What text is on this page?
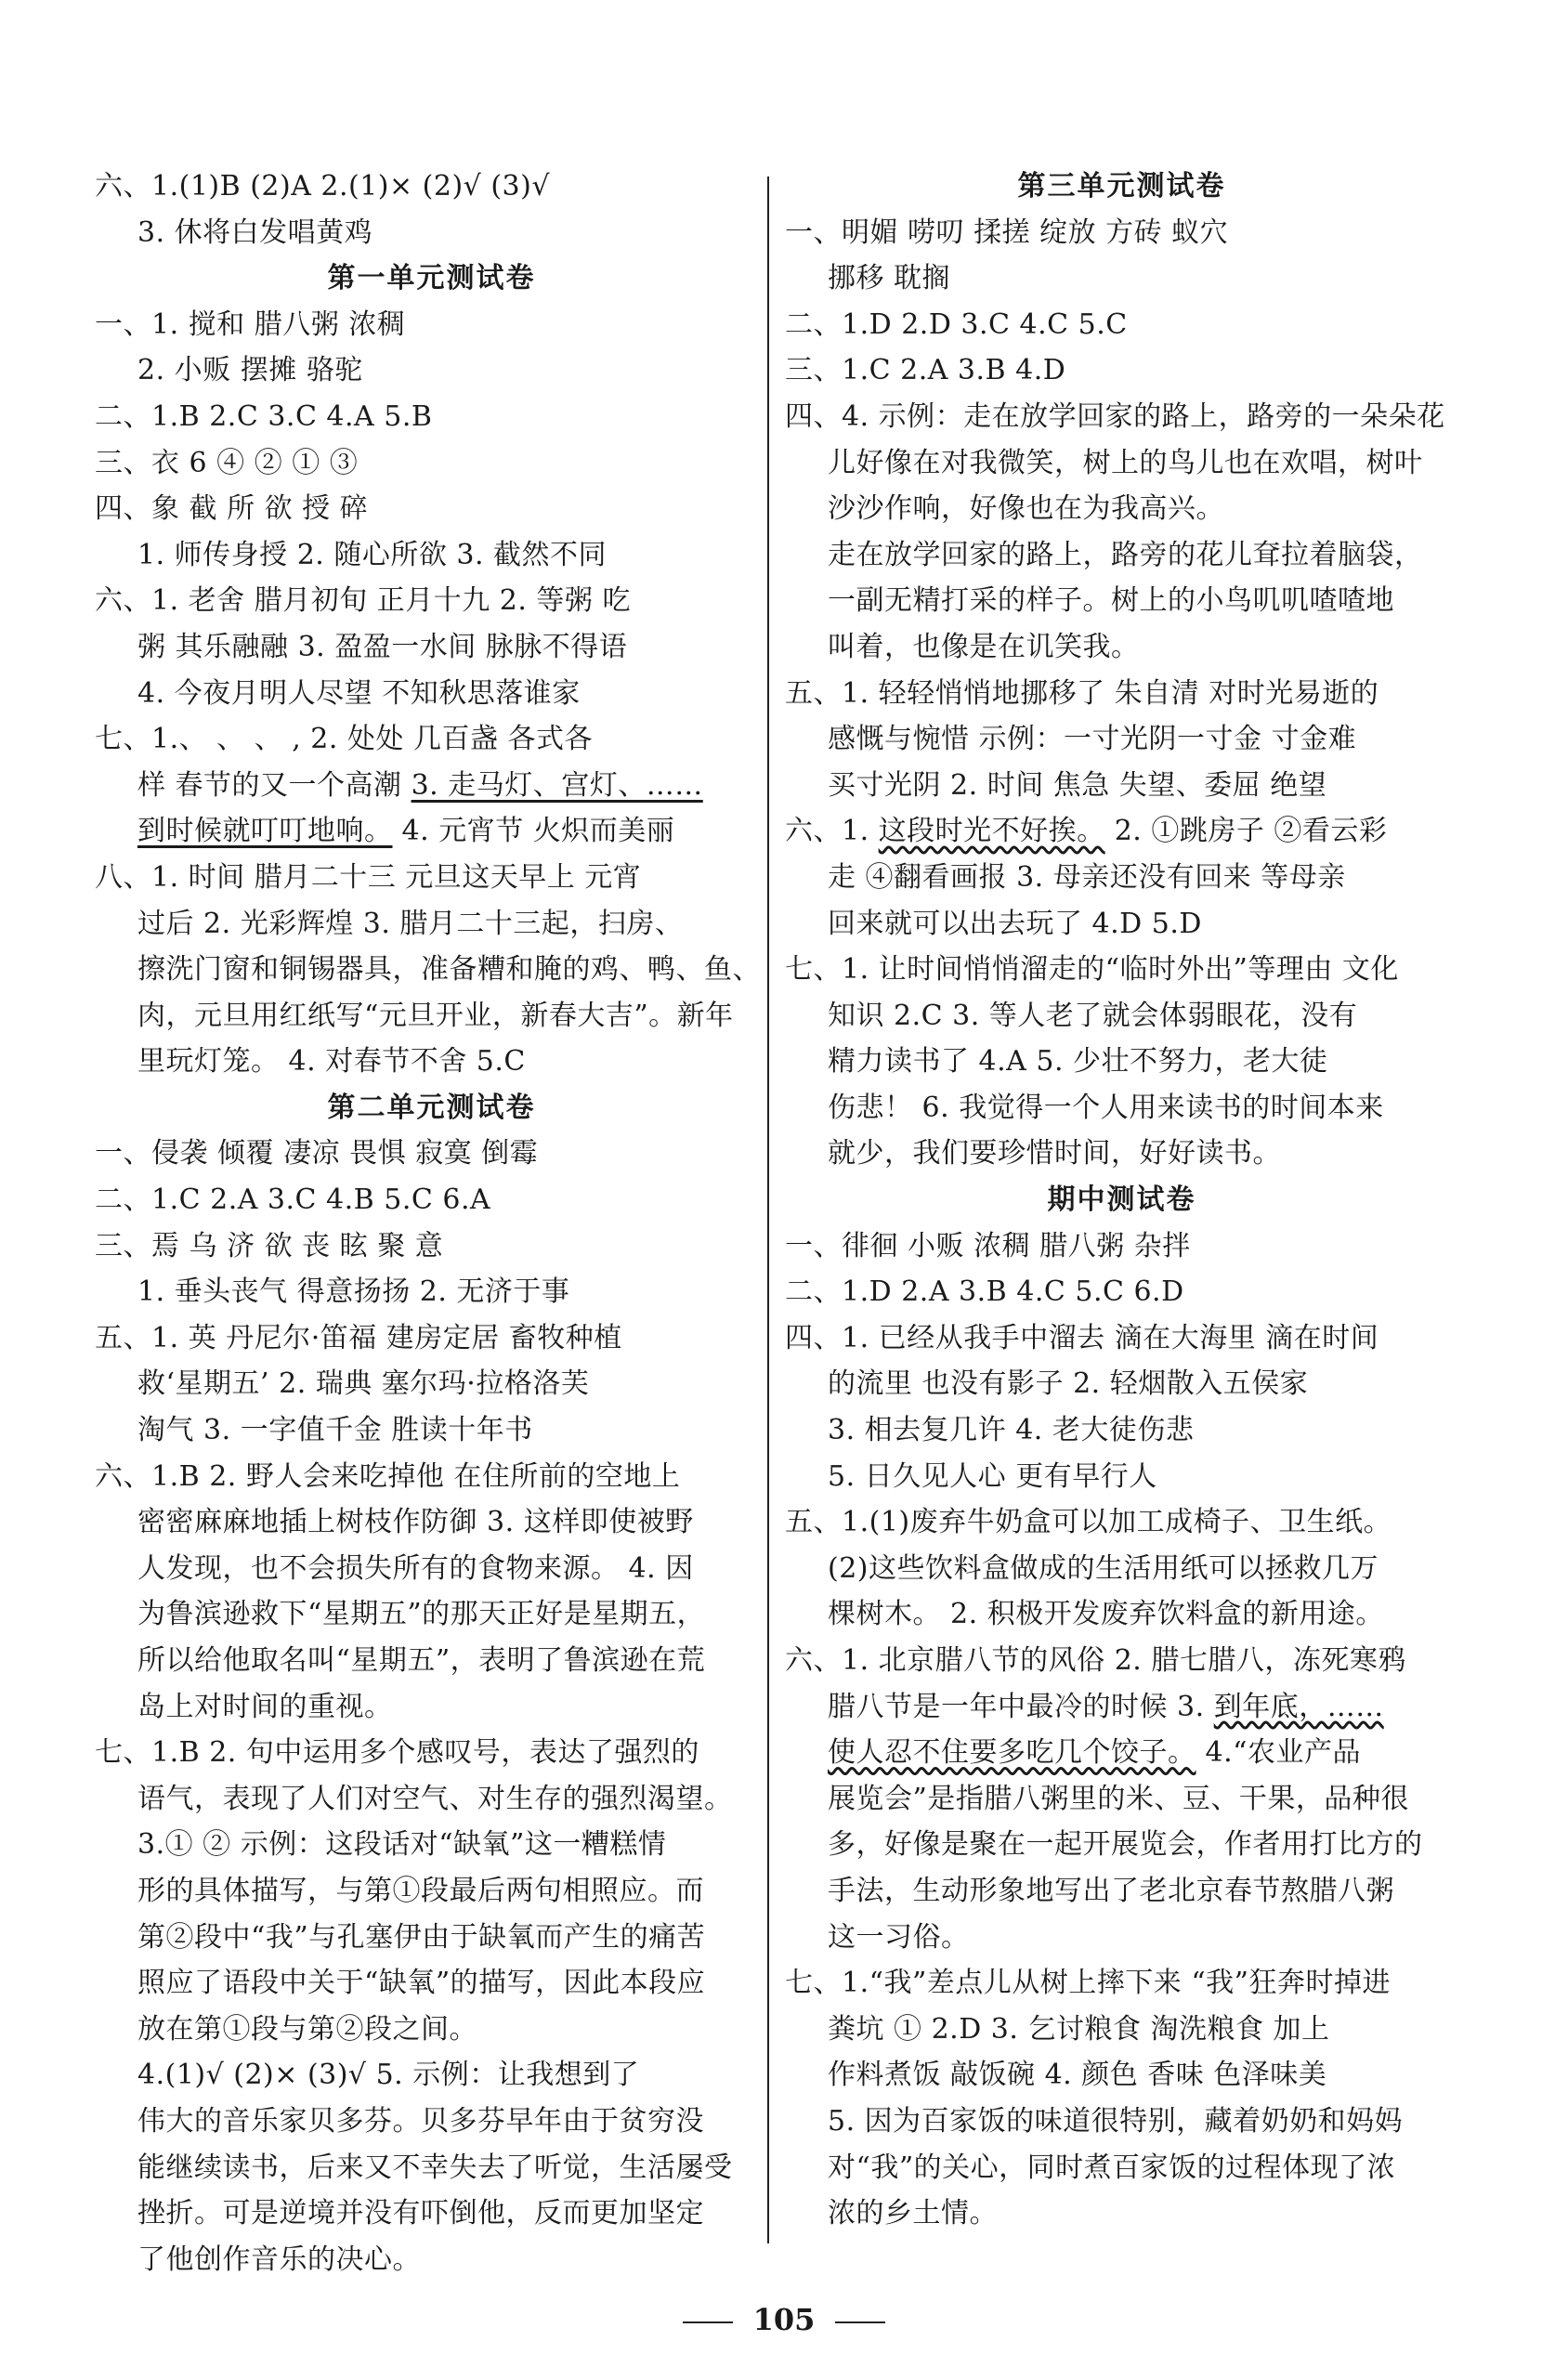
六、1.(1)B (2)A 2.(1)× (2)√ (3)√
3. 休将白发唱黄鸡
第一单元测试卷
一、1. 搅和 腊八粥 浓稠
2. 小贩 摆摊 骆驼
二、1.B 2.C 3.C 4.A 5.B
三、衣 6 ④ ② ① ③
四、象 截 所 欲 授 碎
1. 师传身授 2. 随心所欲 3. 截然不同
六、1. 老舍 腊月初旬 正月十九 2. 等粥 吃
粥 其乐融融 3. 盈盈一水间 脉脉不得语
4. 今夜月明人尽望 不知秋思落谁家
七、1.、 、 、 , 2. 处处 几百盏 各式各
样 春节的又一个高潮 3. 走马灯、宫灯、……
到时候就叮叮地响。 4. 元宵节 火炽而美丽
八、1. 时间 腊月二十三 元旦这天早上 元宵
过后 2. 光彩辉煌 3. 腊月二十三起，扫房、
擦洗门窗和铜锡器具，准备糟和腌的鸡、鸭、鱼、
肉，元旦用红纸写“元旦开业，新春大吉”。新年
里玩灯笼。 4. 对春节不舍 5.C
第二单元测试卷
一、侵袭 倾覆 凄凉 畏惧 寂寞 倒霉
二、1.C 2.A 3.C 4.B 5.C 6.A
三、焉 乌 济 欲 丧 眩 聚 意
1. 垂头丧气 得意扬扬 2. 无济于事
五、1. 英 丹尼尔·笛福 建房定居 畜牧种植
救‘星期五’ 2. 瑞典 塞尔玛·拉格洛芙
淘气 3. 一字值千金 胜读十年书
六、1.B 2. 野人会来吃掉他 在住所前的空地上
密密麻麻地插上树枝作防御 3. 这样即使被野
人发现，也不会损失所有的食物来源。 4. 因
为鲁滨逊救下“星期五”的那天正好是星期五，
所以给他取名叫“星期五”，表明了鲁滨逊在荒
岛上对时间的重视。
七、1.B 2. 句中运用多个感叹号，表达了强烈的
语气，表现了人们对空气、对生存的强烈渴望。
3.① ② 示例：这段话对“缺氧”这一糟糕情
形的具体描写，与第①段最后两句相照应。而
第②段中“我”与孔塞伊由于缺氧而产生的痛苦
照应了语段中关于“缺氧”的描写，因此本段应
放在第①段与第②段之间。
4.(1)√ (2)× (3)√ 5. 示例：让我想到了
伟大的音乐家贝多芬。贝多芬早年由于贫穷没
能继续读书，后来又不幸失去了听觉，生活屡受
挫折。可是逆境并没有吓倒他，反而更加坚定
了他创作音乐的决心。
第三单元测试卷
一、明媚 唠叨 揉搓 绽放 方砖 蚁穴
挪移 耽搁
二、1.D 2.D 3.C 4.C 5.C
三、1.C 2.A 3.B 4.D
四、4. 示例：走在放学回家的路上，路旁的一朵朵花
儿好像在对我微笑，树上的鸟儿也在欢唱，树叶
沙沙作响，好像也在为我高兴。
走在放学回家的路上，路旁的花儿耷拉着脑袋，
一副无精打采的样子。树上的小鸟叽叽喳喳地
叫着，也像是在讥笑我。
五、1. 轻轻悄悄地挪移了 朱自清 对时光易逝的
感慨与惋惜 示例：一寸光阴一寸金 寸金难
买寸光阴 2. 时间 焦急 失望、委屈 绝望
六、1. 这段时光不好挨。 2. ①跳房子 ②看云彩
走 ④翻看画报 3. 母亲还没有回来 等母亲
回来就可以出去玩了 4.D 5.D
七、1. 让时间悄悄溜走的“临时外出”等理由 文化
知识 2.C 3. 等人老了就会体弱眼花，没有
精力读书了 4.A 5. 少壮不努力，老大徒
伤悲！ 6. 我觉得一个人用来读书的时间本来
就少，我们要珍惜时间，好好读书。
期中测试卷
一、徘徊 小贩 浓稠 腊八粥 杂拌
二、1.D 2.A 3.B 4.C 5.C 6.D
四、1. 已经从我手中溜去 滴在大海里 滴在时间
的流里 也没有影子 2. 轻烟散入五侯家
3. 相去复几许 4. 老大徒伤悲
5. 日久见人心 更有早行人
五、1.(1)废弃牛奶盒可以加工成椅子、卫生纸。
(2)这些饮料盒做成的生活用纸可以拯救几万
棵树木。 2. 积极开发废弃饮料盒的新用途。
六、1. 北京腊八节的风俗 2. 腊七腊八，冻死寒鸦
腊八节是一年中最冷的时候 3. 到年底，……
使人忍不住要多吃几个饺子。 4.“农业产品
展览会”是指腊八粥里的米、豆、干果，品种很
多，好像是聚在一起开展览会，作者用打比方的
手法，生动形象地写出了老北京春节熬腊八粥
这一习俗。
七、1.“我”差点儿从树上摔下来 “我”狂奔时掉进
粪坑 ① 2.D 3. 乞讨粮食 淘洗粮食 加上
作料煮饭 敲饭碗 4. 颜色 香味 色泽味美
5. 因为百家饭的味道很特别，藏着奶奶和妈妈
对“我”的关心，同时煮百家饭的过程体现了浓
浓的乡土情。
105
